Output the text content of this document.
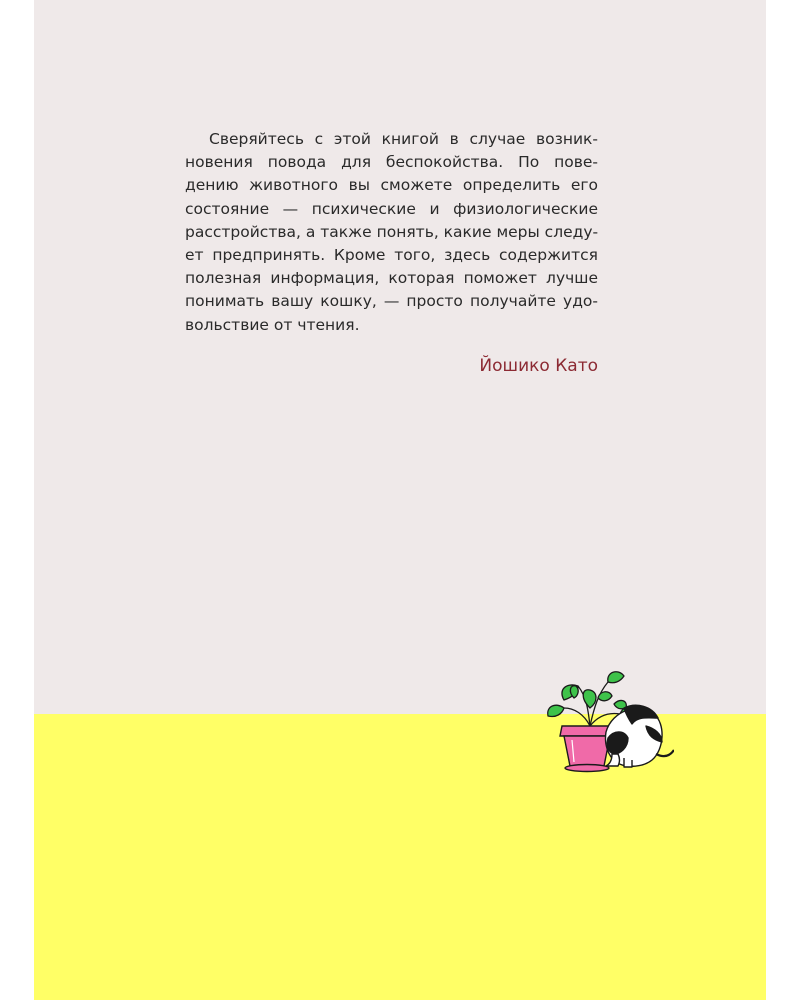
Сверяйтесь с этой книгой в случае возник-
новения повода для беспокойства. По пове-
дению животного вы сможете определить его
состояние — психические и физиологические
расстройства, а также понять, какие меры следу-
ет предпринять. Кроме того, здесь содержится
полезная информация, которая поможет лучше
понимать вашу кошку, — просто получайте удо-
вольствие от чтения.
Йошико Като
